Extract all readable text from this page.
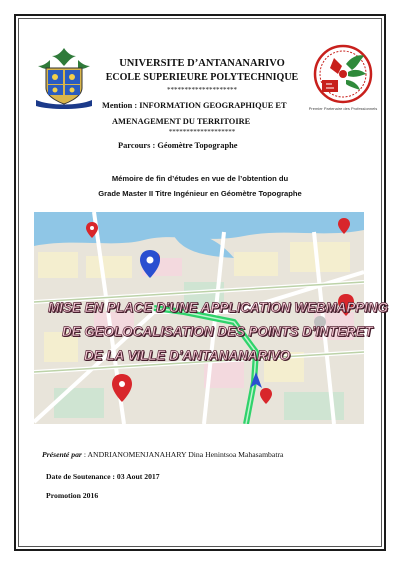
Premier Partenaire des Professionnels
UNIVERSITE D’ANTANANARIVO
ECOLE SUPERIEURE POLYTECHNIQUE
********************
Mention : INFORMATION GEOGRAPHIQUE ET
AMENAGEMENT DU TERRITOIRE
*******************
Parcours : Géomètre Topographe
Mémoire de fin d’études en vue de l’obtention du
Grade Master II Titre Ingénieur en Géomètre Topographe
MISE EN PLACE D’UNE APPLICATION WEBMAPPING
DE GEOLOCALISATION DES POINTS D’INTERET
DE LA VILLE D’ANTANANARIVO
Présenté par : ANDRIANOMENJANAHARY Dina Henintsoa Mahasambatra
Date de Soutenance : 03 Aout 2017
Promotion 2016
